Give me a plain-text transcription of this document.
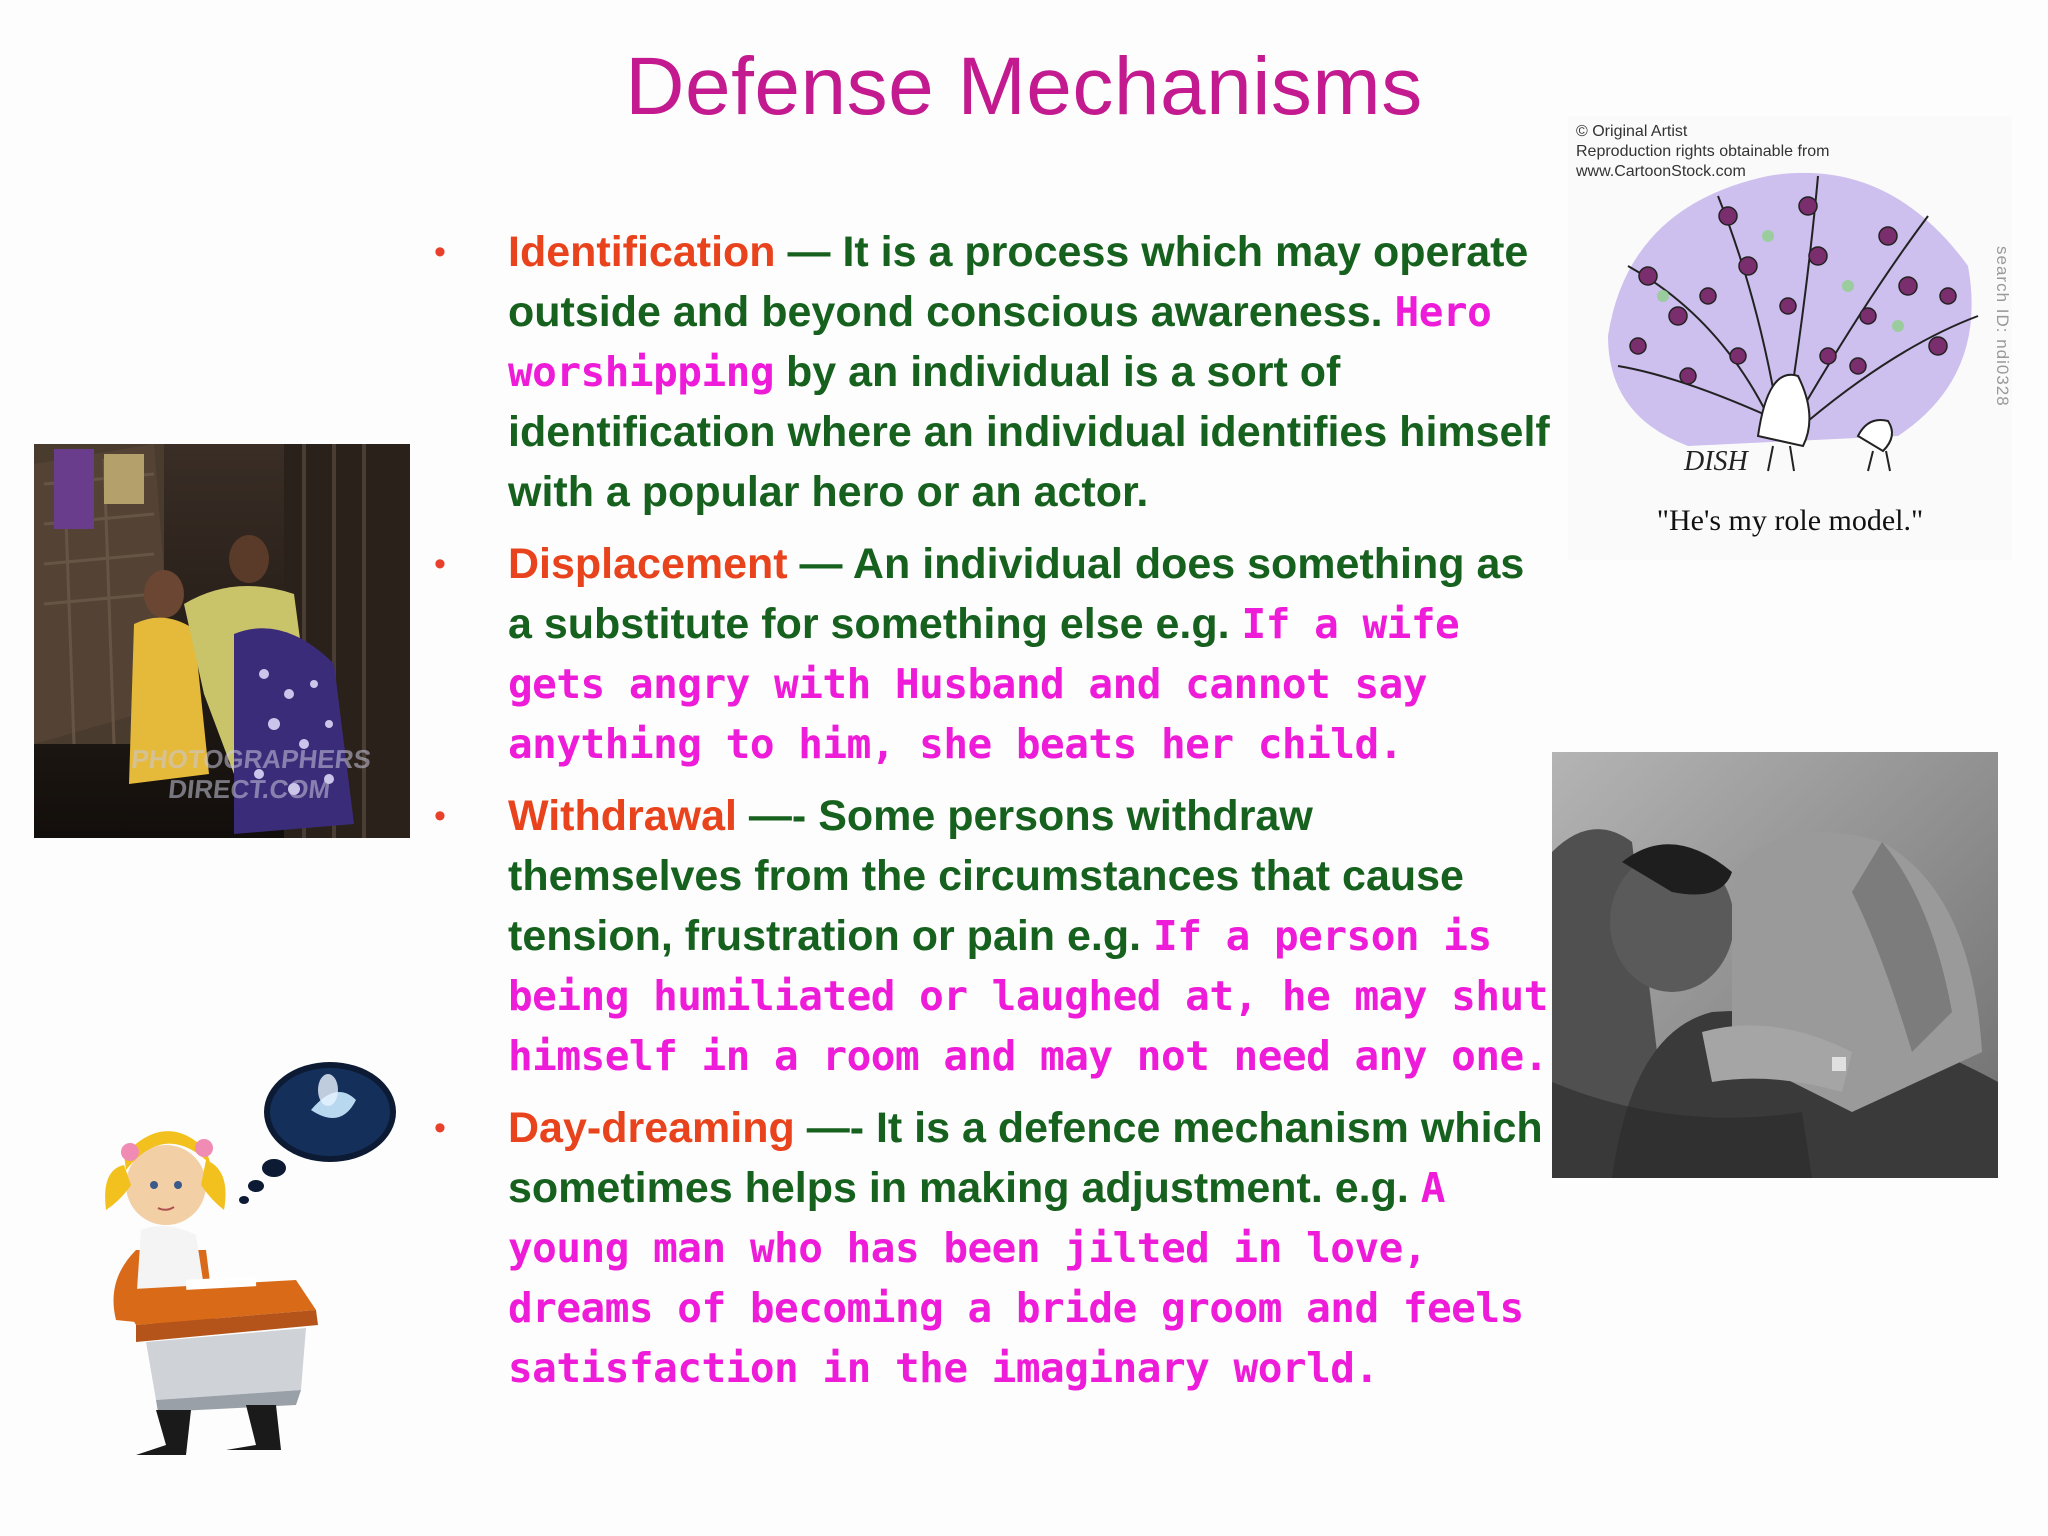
Defense Mechanisms
• Identification — It is a process which may operate outside and beyond conscious awareness. Hero worshipping by an individual is a sort of identification where an individual identifies himself with a popular hero or an actor.
• Displacement — An individual does something as a substitute for something else e.g. If a wife gets angry with Husband and cannot say anything to him, she beats her child.
• Withdrawal —- Some persons withdraw themselves from the circumstances that cause tension, frustration or pain e.g. If a person is being humiliated or laughed at, he may shut himself in a room and may not need any one.
• Day-dreaming —- It is a defence mechanism which sometimes helps in making adjustment. e.g. A young man who has been jilted in love, dreams of becoming a bride groom and feels satisfaction in the imaginary world.
PHOTOGRAPHERS
DIRECT.COM
© Original Artist
Reproduction rights obtainable from
www.CartoonStock.com
DISH
search ID: ndi0328
"He's my role model."
